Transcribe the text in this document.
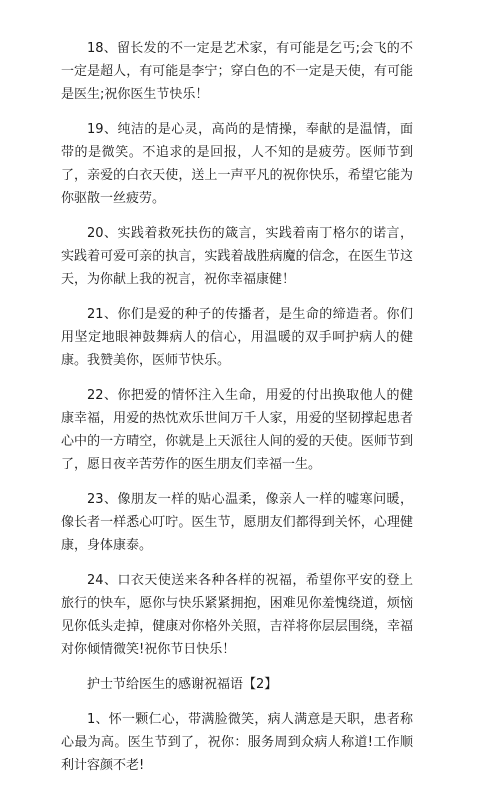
18、留长发的不一定是艺术家，有可能是乞丐;会飞的不一定是超人，有可能是李宁；穿白色的不一定是天使，有可能是医生;祝你医生节快乐！

19、纯洁的是心灵，高尚的是情操，奉献的是温情，面带的是微笑。不追求的是回报，人不知的是疲劳。医师节到了，亲爱的白衣天使，送上一声平凡的祝你快乐，希望它能为你驱散一丝疲劳。

20、实践着救死扶伤的箴言，实践着南丁格尔的诺言，实践着可爱可亲的执言，实践着战胜病魔的信念，在医生节这天，为你献上我的祝言，祝你幸福康健！

21、你们是爱的种子的传播者，是生命的缔造者。你们用坚定地眼神鼓舞病人的信心，用温暖的双手呵护病人的健康。我赞美你，医师节快乐。

22、你把爱的情怀注入生命，用爱的付出换取他人的健康幸福，用爱的热忱欢乐世间万千人家，用爱的坚韧撑起患者心中的一方晴空，你就是上天派往人间的爱的天使。医师节到了，愿日夜辛苦劳作的医生朋友们幸福一生。

23、像朋友一样的贴心温柔，像亲人一样的嘘寒问暖，像长者一样悉心叮咛。医生节，愿朋友们都得到关怀，心理健康，身体康泰。

24、口衣天使送来各种各样的祝福，希望你平安的登上旅行的快车，愿你与快乐紧紧拥抱，困难见你羞愧绕道，烦恼见你低头走掉，健康对你格外关照，吉祥将你层层围绕，幸福对你倾情微笑!祝你节日快乐！

护士节给医生的感谢祝福语【2】

1、怀一颗仁心，带满脸微笑，病人满意是天职，患者称心最为高。医生节到了，祝你：服务周到众病人称道!工作顺利计容颜不老!
